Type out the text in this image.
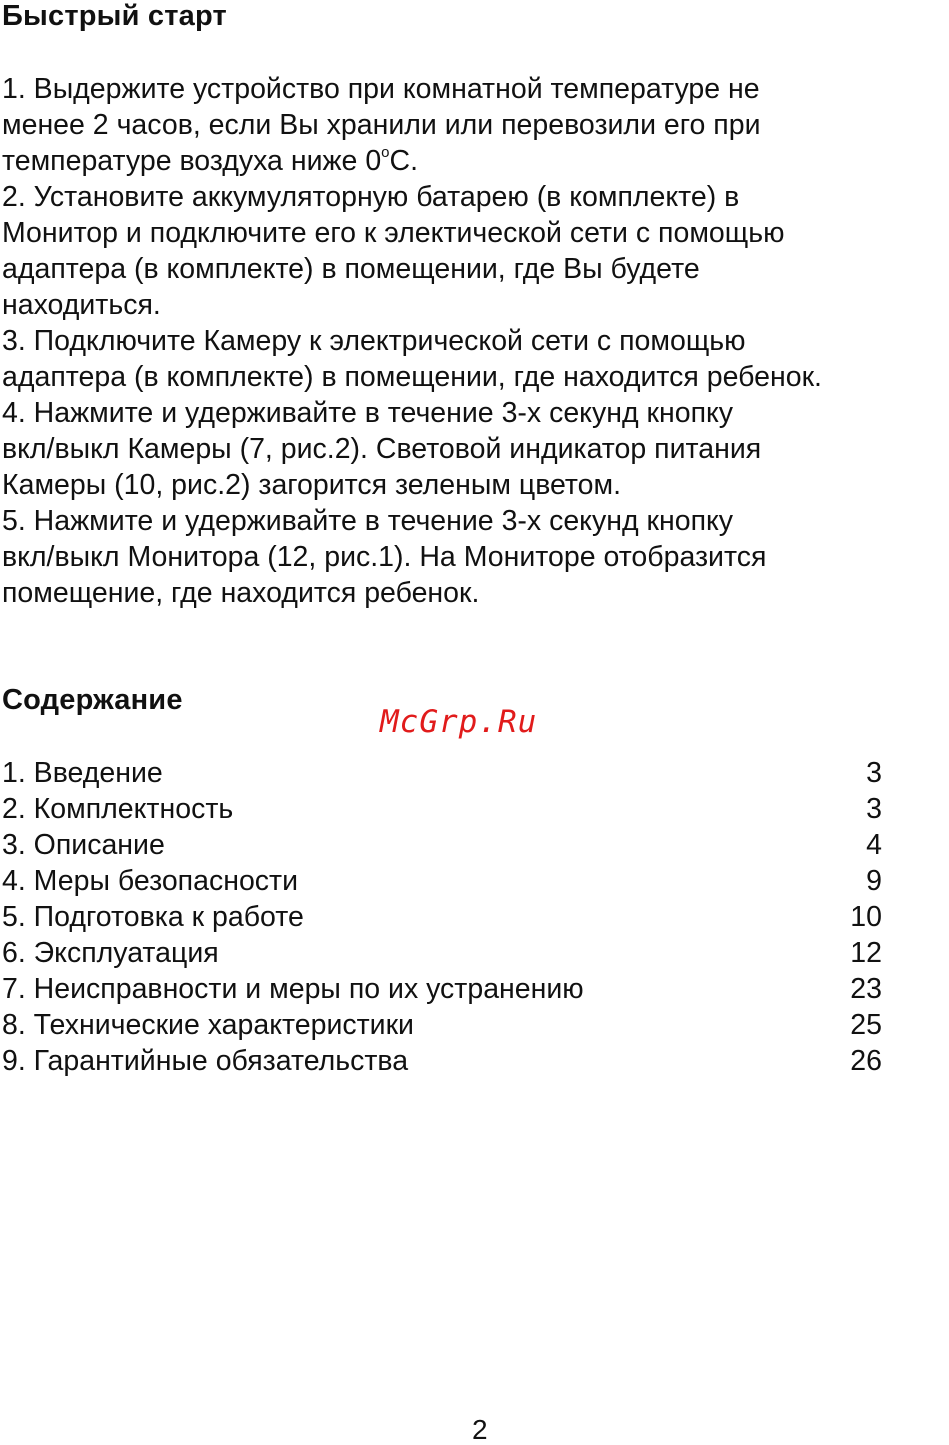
Быстрый старт
1. Выдержите устройство при комнатной температуре не
менее 2 часов, если Вы хранили или перевозили его при
температуре воздуха ниже 0$^o$С.
2. Установите аккумуляторную батарею (в комплекте) в
Монитор и подключите его к электической сети с помощью
адаптера (в комплекте) в помещении, где Вы будете
находиться.
3. Подключите Камеру к электрической сети с помощью
адаптера (в комплекте) в помещении, где находится ребенок.
4. Нажмите и удерживайте в течение 3-х секунд кнопку
вкл/выкл Камеры (7, рис.2). Световой индикатор питания
Камеры (10, рис.2) загорится зеленым цветом.
5. Нажмите и удерживайте в течение 3-х секунд кнопку
вкл/выкл Монитора (12, рис.1). На Мониторе отобразится
помещение, где находится ребенок.
Содержание
McGrp.Ru
1. Введение	3
2. Комплектность	3
3. Описание	4
4. Меры безопасности	9
5. Подготовка к работе	10
6. Эксплуатация	12
7. Неисправности и меры по их устранению	23
8. Технические характеристики	25
9. Гарантийные обязательства	26
2
